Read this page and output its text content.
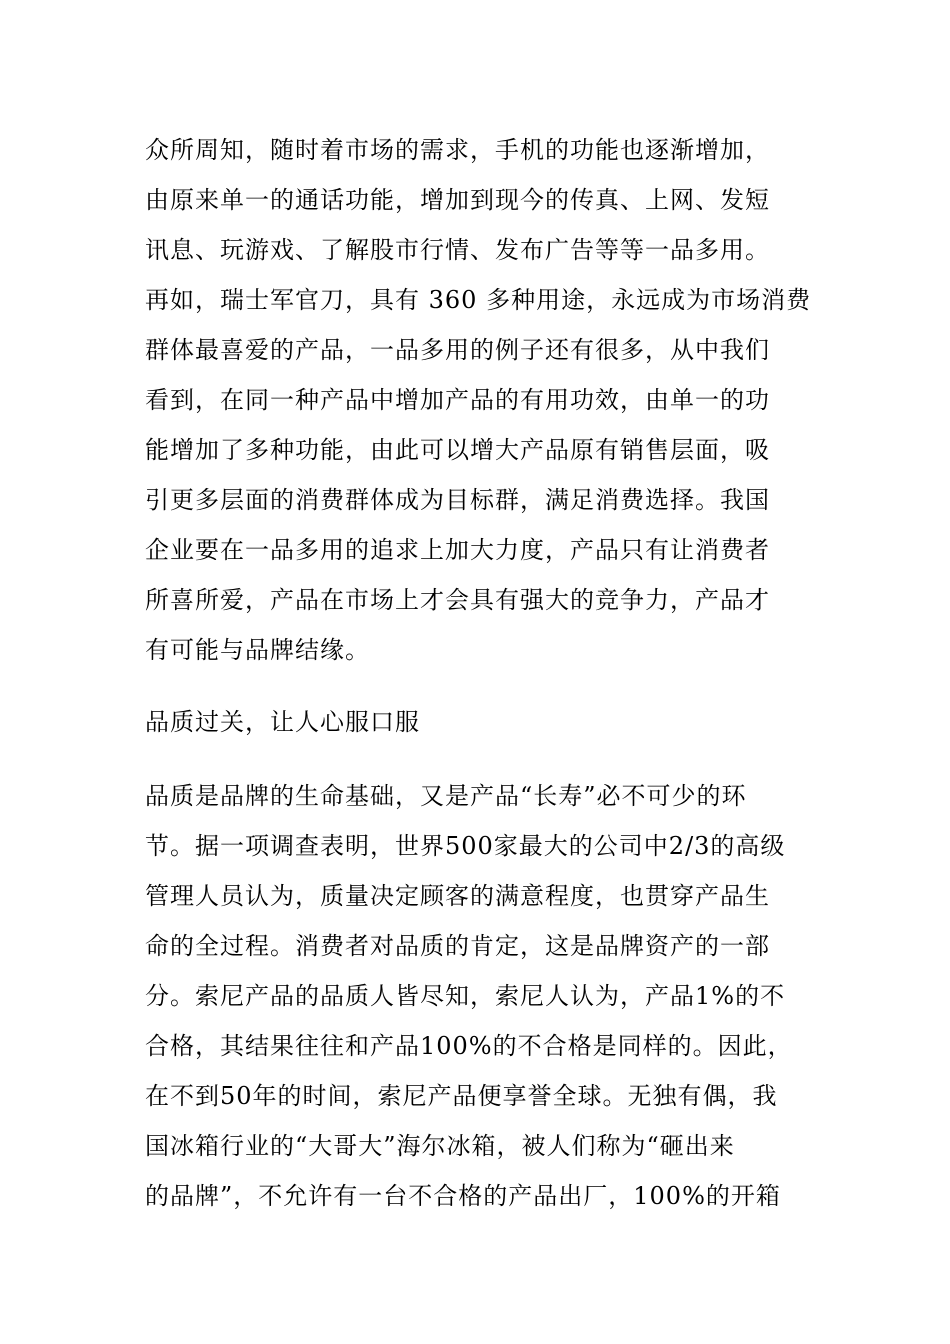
众所周知，随时着市场的需求，手机的功能也逐渐增加，
由原来单一的通话功能，增加到现今的传真、上网、发短
讯息、玩游戏、了解股市行情、发布广告等等一品多用。
再如，瑞士军官刀，具有 360 多种用途，永远成为市场消费
群体最喜爱的产品，一品多用的例子还有很多，从中我们
看到，在同一种产品中增加产品的有用功效，由单一的功
能增加了多种功能，由此可以增大产品原有销售层面，吸
引更多层面的消费群体成为目标群，满足消费选择。我国
企业要在一品多用的追求上加大力度，产品只有让消费者
所喜所爱，产品在市场上才会具有强大的竞争力，产品才
有可能与品牌结缘。
品质过关，让人心服口服
品质是品牌的生命基础，又是产品“长寿”必不可少的环
节。据一项调查表明，世界500家最大的公司中2/3的高级
管理人员认为，质量决定顾客的满意程度，也贯穿产品生
命的全过程。消费者对品质的肯定，这是品牌资产的一部
分。索尼产品的品质人皆尽知，索尼人认为，产品1%的不
合格，其结果往往和产品100%的不合格是同样的。因此，
在不到50年的时间，索尼产品便享誉全球。无独有偶，我
国冰箱行业的“大哥大”海尔冰箱，被人们称为“砸出来
的品牌”，不允许有一台不合格的产品出厂，100%的开箱
